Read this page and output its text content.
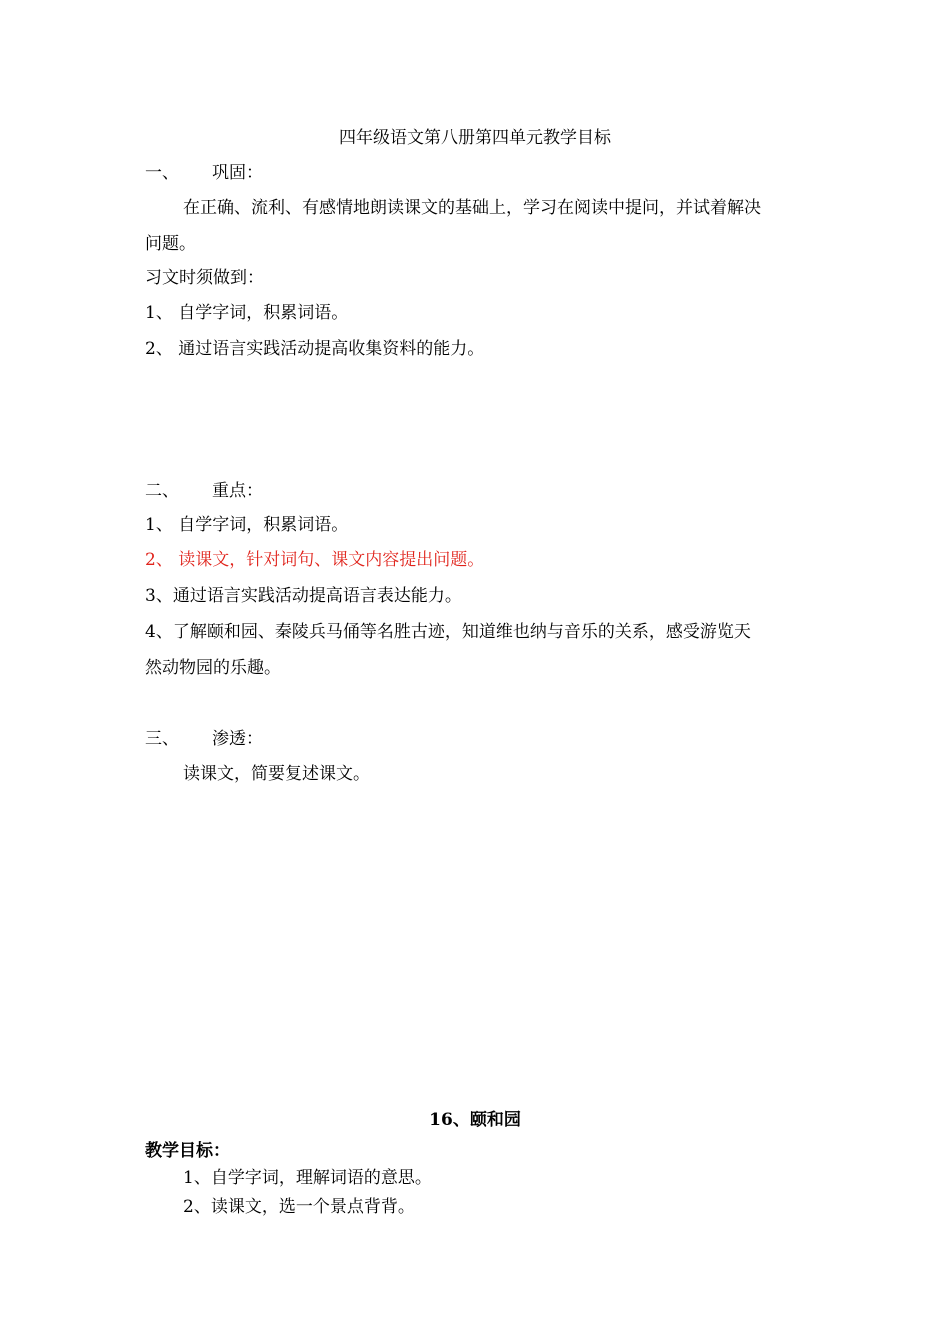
四年级语文第八册第四单元教学目标
一、 巩固：
在正确、流利、有感情地朗读课文的基础上，学习在阅读中提问，并试着解决
问题。
习文时须做到：
1、 自学字词，积累词语。
2、 通过语言实践活动提高收集资料的能力。
二、 重点：
1、 自学字词，积累词语。
2、 读课文，针对词句、课文内容提出问题。
3、通过语言实践活动提高语言表达能力。
4、了解颐和园、秦陵兵马俑等名胜古迹，知道维也纳与音乐的关系，感受游览天
然动物园的乐趣。
三、 渗透：
读课文，简要复述课文。
16、颐和园
教学目标：
1、自学字词，理解词语的意思。
2、读课文，选一个景点背背。
